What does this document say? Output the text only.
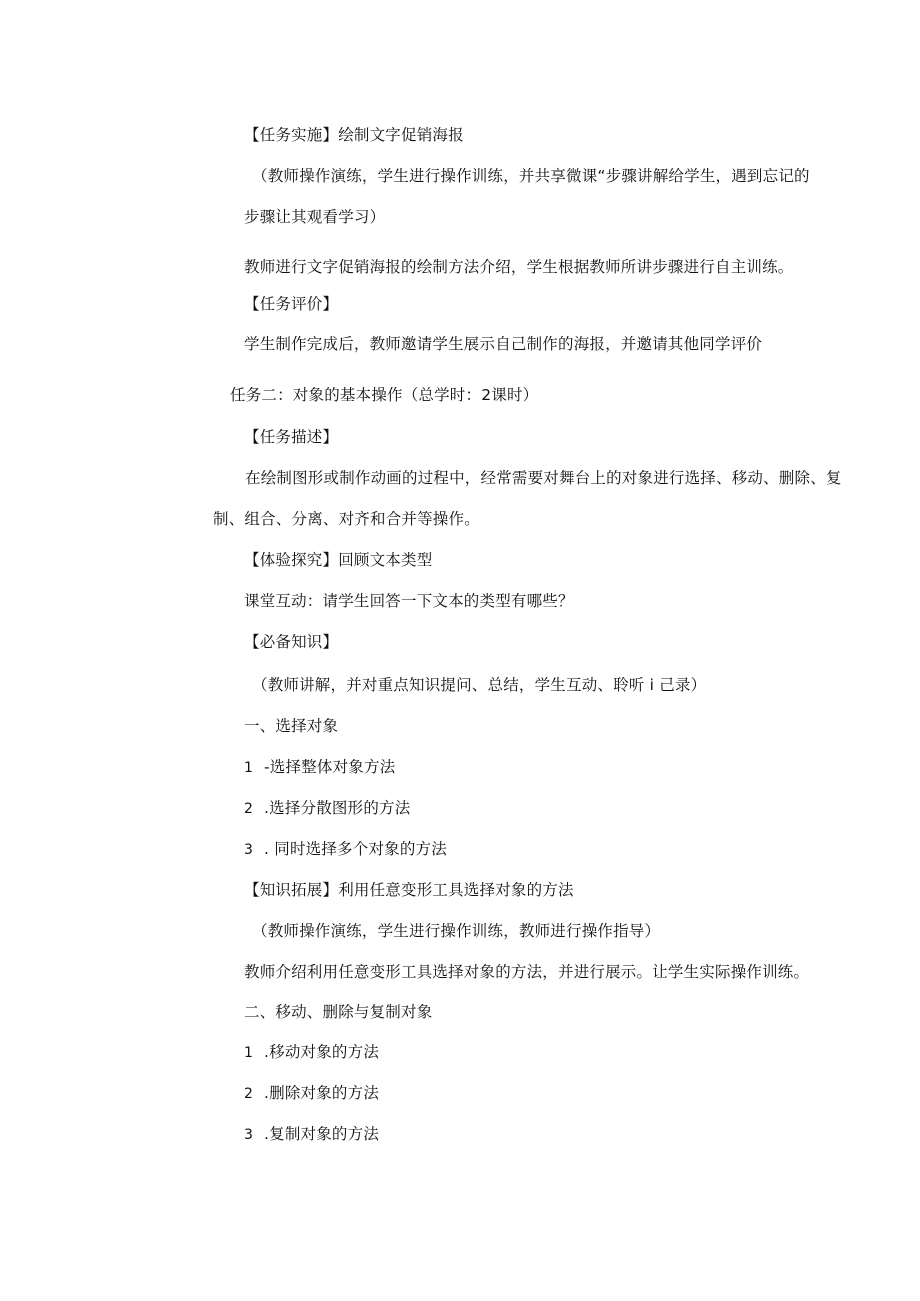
【任务实施】绘制文字促销海报
（教师操作演练，学生进行操作训练，并共享微课“步骤讲解给学生，遇到忘记的
步骤让其观看学习）
教师进行文字促销海报的绘制方法介绍，学生根据教师所讲步骤进行自主训练。
【任务评价】
学生制作完成后，教师邀请学生展示自己制作的海报，并邀请其他同学评价
任务二：对象的基本操作（总学时：2课时）
【任务描述】
在绘制图形或制作动画的过程中，经常需要对舞台上的对象进行选择、移动、删除、复
制、组合、分离、对齐和合并等操作。
【体验探究】回顾文本类型
课堂互动：请学生回答一下文本的类型有哪些？
【必备知识】
（教师讲解，并对重点知识提问、总结，学生互动、聆听 i 己录）
一、选择对象
1 -选择整体对象方法
2 .选择分散图形的方法
3 . 同时选择多个对象的方法
【知识拓展】利用任意变形工具选择对象的方法
（教师操作演练，学生进行操作训练，教师进行操作指导）
教师介绍利用任意变形工具选择对象的方法，并进行展示。让学生实际操作训练。
二、移动、删除与复制对象
1 .移动对象的方法
2 .删除对象的方法
3 .复制对象的方法
